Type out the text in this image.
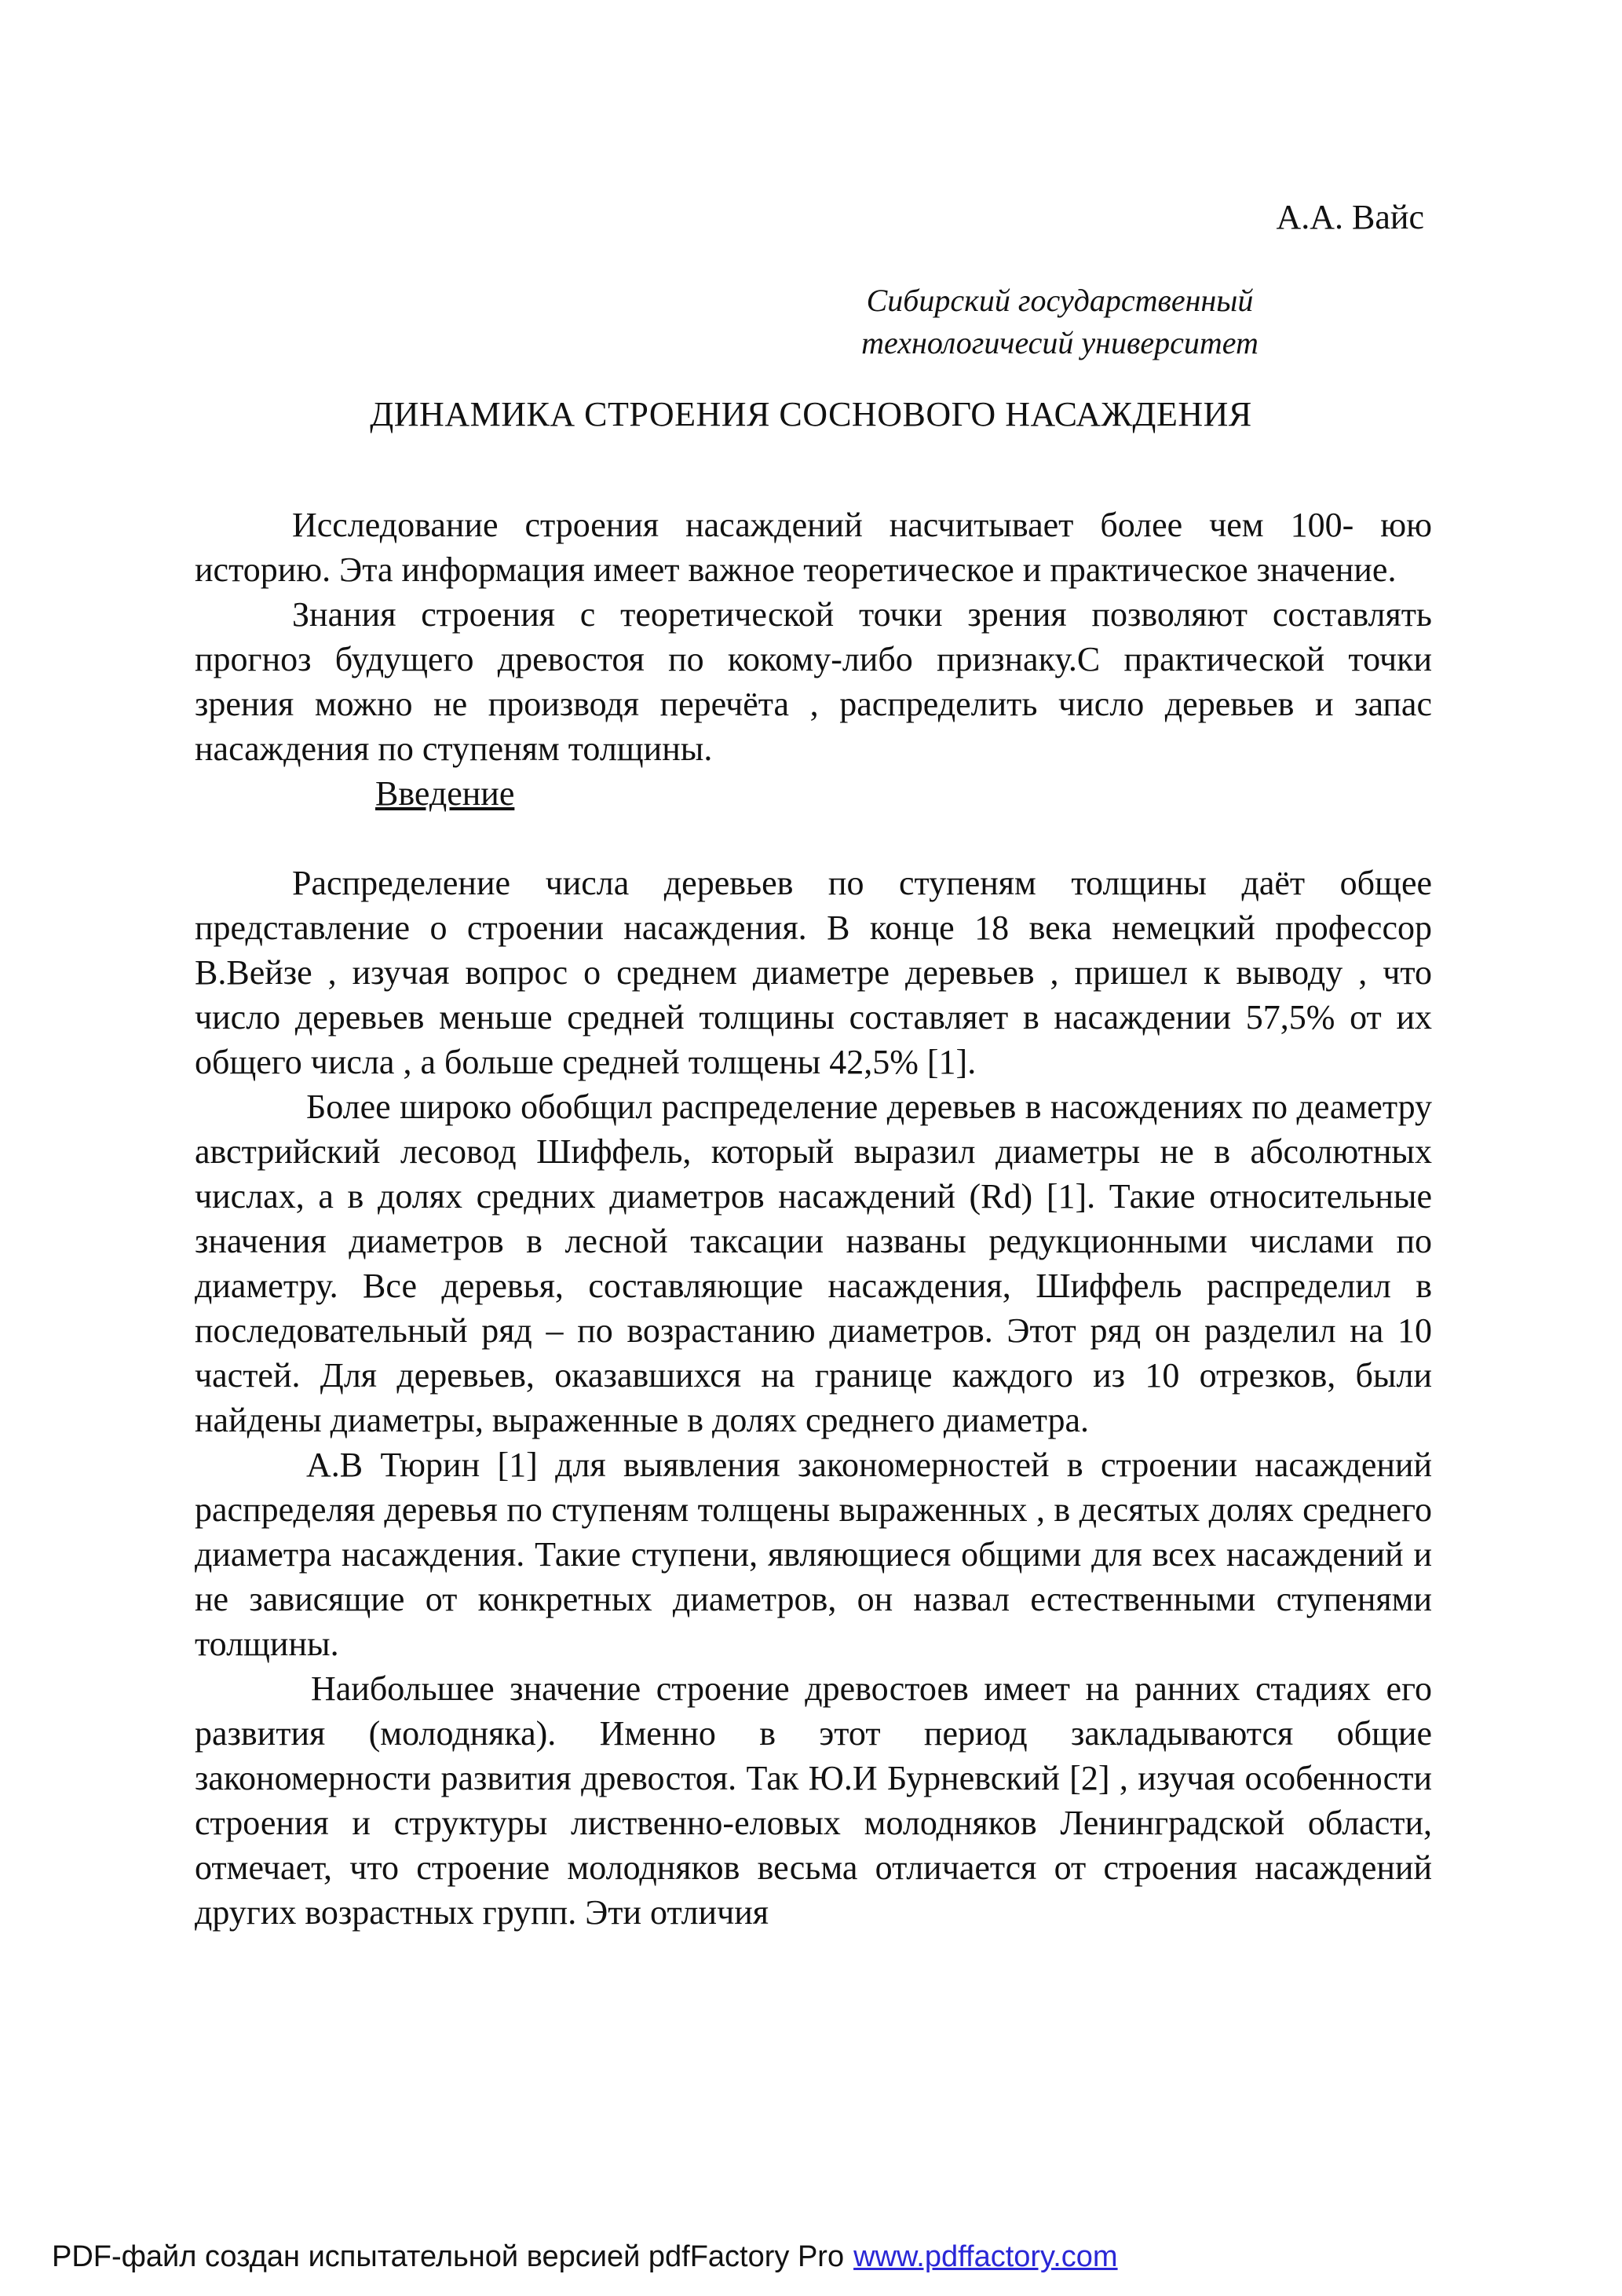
А.А. Вайс
Сибирский государственный
технологичесий университет
ДИНАМИКА СТРОЕНИЯ СОСНОВОГО НАСАЖДЕНИЯ

Исследование строения насаждений насчитывает более чем 100- юю историю. Эта информация имеет важное теоретическое и практическое значение.

Знания строения с теоретической точки зрения позволяют составлять прогноз будущего древостоя по кокому-либо признаку.С практической точки зрения можно не производя перечёта , распределить число деревьев и запас насаждения по ступеням толщины.

Введение

Распределение числа деревьев по ступеням толщины даёт общее представление о строении насаждения. В конце 18 века немецкий профессор В.Вейзе , изучая вопрос о среднем диаметре деревьев , пришел к выводу , что число деревьев меньше средней толщины составляет в насаждении 57,5% от их общего числа , а больше средней толщены 42,5% [1].

Более широко обобщил распределение деревьев в насождениях по деаметру австрийский лесовод Шиффель, который выразил диаметры не в абсолютных числах, а в долях средних диаметров насаждений (Rd) [1]. Такие относительные значения диаметров в лесной таксации названы редукционными числами по диаметру. Все деревья, составляющие насаждения, Шиффель распределил в последовательный ряд – по возрастанию диаметров. Этот ряд он разделил на 10 частей. Для деревьев, оказавшихся на границе каждого из 10 отрезков, были найдены диаметры, выраженные в долях среднего диаметра.

А.В Тюрин [1] для выявления закономерностей в строении насаждений распределяя деревья по ступеням толщены выраженных , в десятых долях среднего диаметра насаждения. Такие ступени, являющиеся общими для всех насаждений и не зависящие от конкретных диаметров, он назвал естественными ступенями толщины.

Наибольшее значение строение древостоев имеет на ранних стадиях его развития (молодняка). Именно в этот период закладываются общие закономерности развития древостоя. Так Ю.И Бурневский [2] , изучая особенности строения и структуры лиственно-еловых молодняков Ленинградской области, отмечает, что строение молодняков весьма отличается от строения насаждений других возрастных групп. Эти отличия

PDF-файл создан испытательной версией pdfFactory Pro www.pdffactory.com
